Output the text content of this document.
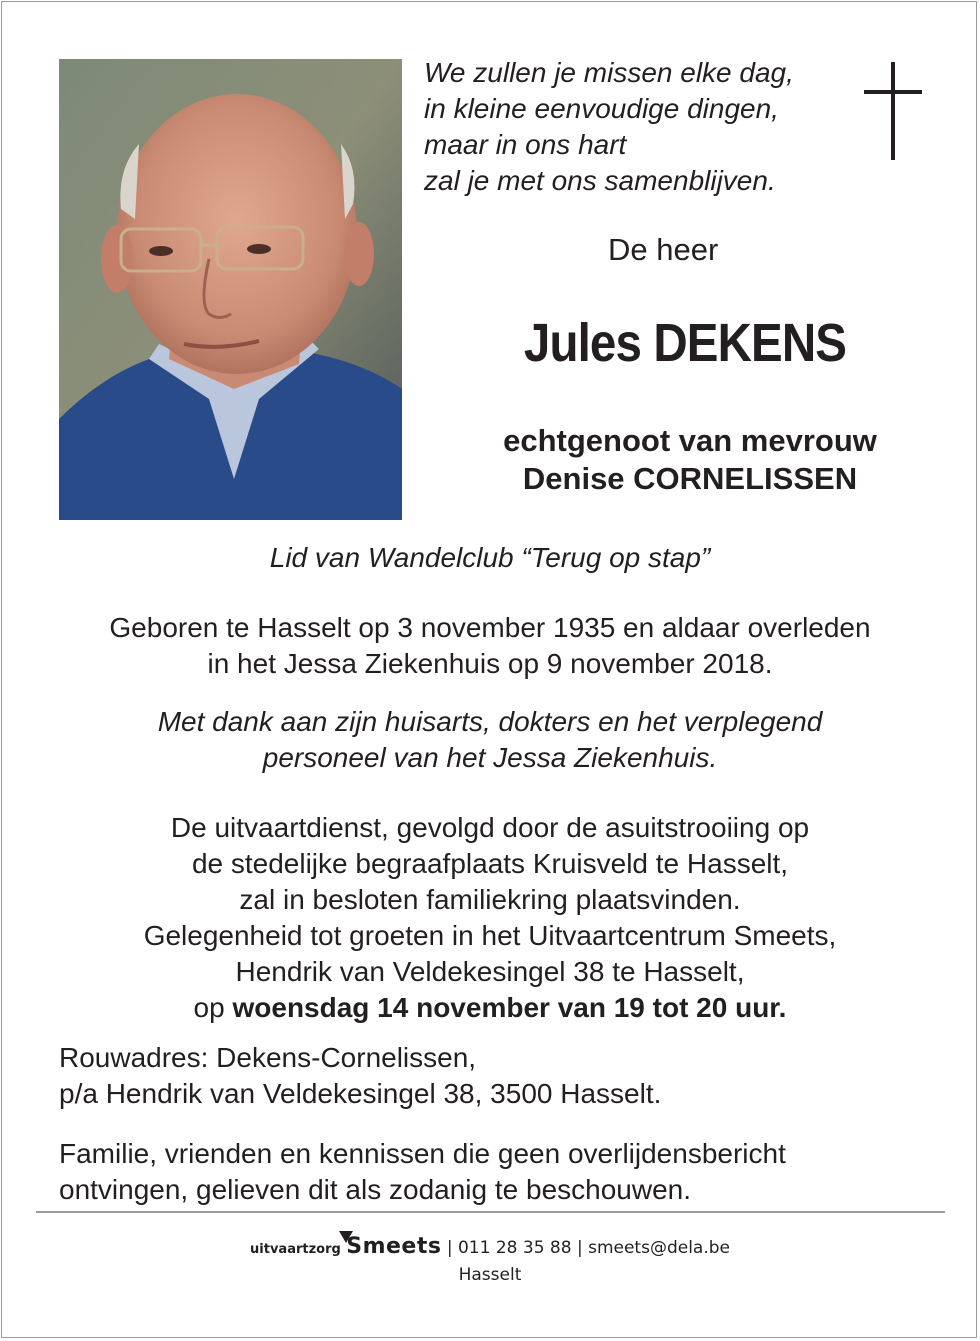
We zullen je missen elke dag,
in kleine eenvoudige dingen,
maar in ons hart
zal je met ons samenblijven.
De heer
Jules DEKENS
echtgenoot van mevrouw
Denise CORNELISSEN
Lid van Wandelclub “Terug op stap”
Geboren te Hasselt op 3 november 1935 en aldaar overleden
in het Jessa Ziekenhuis op 9 november 2018.
Met dank aan zijn huisarts, dokters en het verplegend
personeel van het Jessa Ziekenhuis.
De uitvaartdienst, gevolgd door de asuitstrooiing op
de stedelijke begraafplaats Kruisveld te Hasselt,
zal in besloten familiekring plaatsvinden.
Gelegenheid tot groeten in het Uitvaartcentrum Smeets,
Hendrik van Veldekesingel 38 te Hasselt,
op woensdag 14 november van 19 tot 20 uur.
Rouwadres: Dekens-Cornelissen,
p/a Hendrik van Veldekesingel 38, 3500 Hasselt.
Familie, vrienden en kennissen die geen overlijdensbericht
ontvingen, gelieven dit als zodanig te beschouwen.
uitvaartzorg Smeets | 011 28 35 88 | smeets@dela.be
Hasselt
